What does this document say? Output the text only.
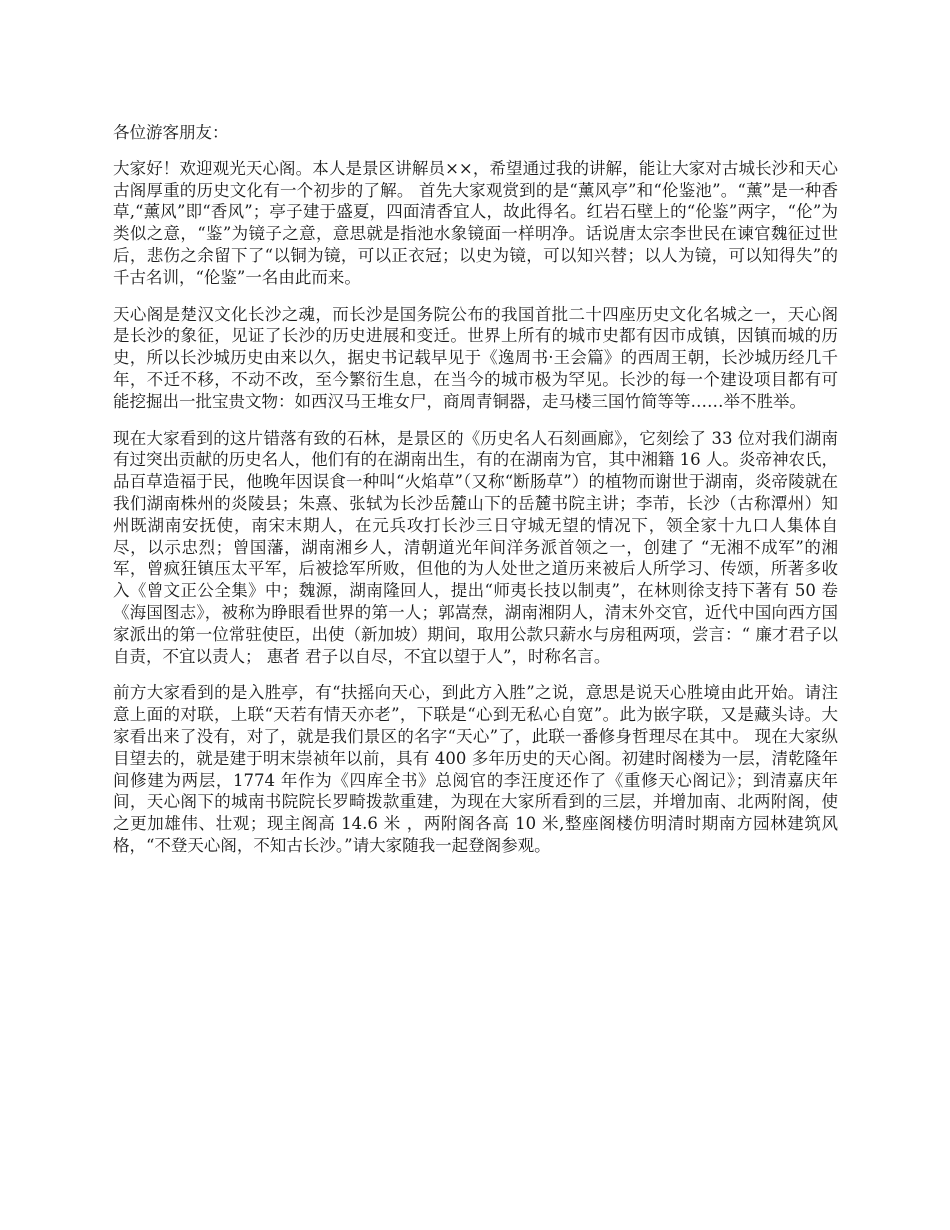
各位游客朋友：

大家好！欢迎观光天心阁。本人是景区讲解员××，希望通过我的讲解，能让大家对古城长沙和天心古阁厚重的历史文化有一个初步的了解。 首先大家观赏到的是“薰风亭”和“伦鉴池”。“薰”是一种香草,“薰风”即“香风”；亭子建于盛夏，四面清香宜人，故此得名。红岩石壁上的“伦鉴”两字，“伦”为类似之意，“鉴”为镜子之意，意思就是指池水象镜面一样明净。话说唐太宗李世民在谏官魏征过世后，悲伤之余留下了“以铜为镜，可以正衣冠；以史为镜，可以知兴替；以人为镜，可以知得失”的千古名训，“伦鉴”一名由此而来。

天心阁是楚汉文化长沙之魂，而长沙是国务院公布的我国首批二十四座历史文化名城之一，天心阁是长沙的象征，见证了长沙的历史进展和变迁。世界上所有的城市史都有因市成镇，因镇而城的历史，所以长沙城历史由来以久，据史书记载早见于《逸周书·王会篇》的西周王朝，长沙城历经几千年，不迁不移，不动不改，至今繁衍生息，在当今的城市极为罕见。长沙的每一个建设项目都有可能挖掘出一批宝贵文物：如西汉马王堆女尸，商周青铜器，走马楼三国竹简等等……举不胜举。

现在大家看到的这片错落有致的石林，是景区的《历史名人石刻画廊》，它刻绘了 33 位对我们湖南有过突出贡献的历史名人，他们有的在湖南出生，有的在湖南为官，其中湘籍 16 人。炎帝神农氏，品百草造福于民，他晚年因误食一种叫“火焰草”（又称“断肠草”）的植物而谢世于湖南，炎帝陵就在我们湖南株州的炎陵县；朱熹、张轼为长沙岳麓山下的岳麓书院主讲；李芾，长沙（古称潭州）知州既湖南安抚使，南宋末期人，在元兵攻打长沙三日守城无望的情况下，领全家十九口人集体自尽，以示忠烈；曾国藩，湖南湘乡人，清朝道光年间洋务派首领之一，创建了 “无湘不成军”的湘军，曾疯狂镇压太平军，后被捻军所败，但他的为人处世之道历来被后人所学习、传颂，所著多收入《曾文正公全集》中；魏源，湖南隆回人，提出“师夷长技以制夷”，在林则徐支持下著有 50 卷《海国图志》，被称为睁眼看世界的第一人；郭嵩焘，湖南湘阴人，清末外交官，近代中国向西方国家派出的第一位常驻使臣，出使（新加坡）期间，取用公款只薪水与房租两项，尝言：“ 廉才君子以自责，不宜以责人； 惠者 君子以自尽，不宜以望于人”，时称名言。

前方大家看到的是入胜亭，有“扶摇向天心，到此方入胜”之说，意思是说天心胜境由此开始。请注意上面的对联，上联“天若有情天亦老”，下联是“心到无私心自宽”。此为嵌字联，又是藏头诗。大家看出来了没有，对了，就是我们景区的名字“天心”了，此联一番修身哲理尽在其中。 现在大家纵目望去的，就是建于明末崇祯年以前，具有 400 多年历史的天心阁。初建时阁楼为一层，清乾隆年间修建为两层，1774 年作为《四库全书》总阅官的李汪度还作了《重修天心阁记》；到清嘉庆年间，天心阁下的城南书院院长罗畸拨款重建，为现在大家所看到的三层，并增加南、北两附阁，使之更加雄伟、壮观；现主阁高 14.6 米 ，两附阁各高 10 米,整座阁楼仿明清时期南方园林建筑风格，“不登天心阁，不知古长沙。”请大家随我一起登阁参观。
